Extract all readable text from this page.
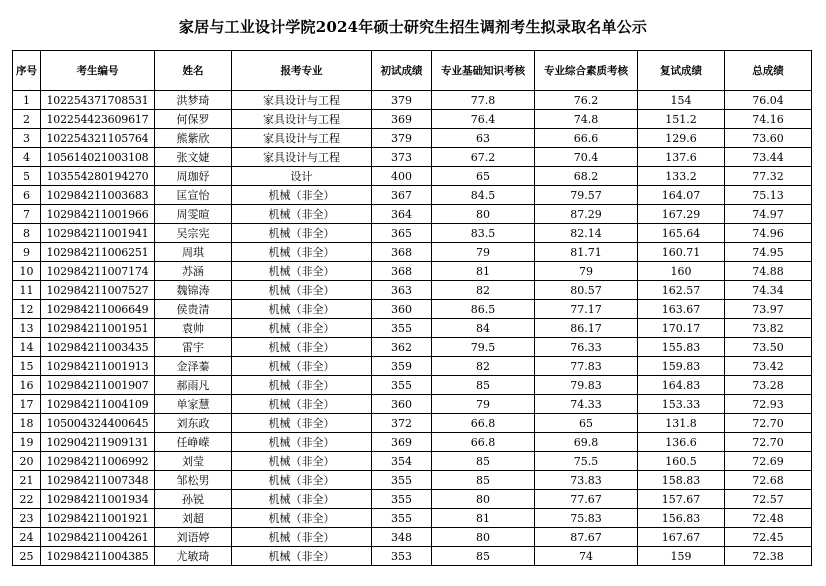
家居与工业设计学院2024年硕士研究生招生调剂考生拟录取名单公示
序号	考生编号	姓名	报考专业	初试成绩	专业基础知识考核	专业综合素质考核	复试成绩	总成绩
1	102254371708531	洪梦琦	家具设计与工程	379	77.8	76.2	154	76.04
2	102254423609617	何保罗	家具设计与工程	369	76.4	74.8	151.2	74.16
3	102254321105764	熊紫欣	家具设计与工程	379	63	66.6	129.6	73.60
4	105614021003108	张文婕	家具设计与工程	373	67.2	70.4	137.6	73.44
5	103554280194270	周珈妤	设计	400	65	68.2	133.2	77.32
6	102984211003683	匡宣怡	机械（非全）	367	84.5	79.57	164.07	75.13
7	102984211001966	周雯暄	机械（非全）	364	80	87.29	167.29	74.97
8	102984211001941	吴宗宪	机械（非全）	365	83.5	82.14	165.64	74.96
9	102984211006251	周琪	机械（非全）	368	79	81.71	160.71	74.95
10	102984211007174	苏涵	机械（非全）	368	81	79	160	74.88
11	102984211007527	魏锦涛	机械（非全）	363	82	80.57	162.57	74.34
12	102984211006649	侯贵清	机械（非全）	360	86.5	77.17	163.67	73.97
13	102984211001951	袁帅	机械（非全）	355	84	86.17	170.17	73.82
14	102984211003435	雷宇	机械（非全）	362	79.5	76.33	155.83	73.50
15	102984211001913	金泽蓁	机械（非全）	359	82	77.83	159.83	73.42
16	102984211001907	郝雨凡	机械（非全）	355	85	79.83	164.83	73.28
17	102984211004109	单家慧	机械（非全）	360	79	74.33	153.33	72.93
18	105004324400645	刘东政	机械（非全）	372	66.8	65	131.8	72.70
19	102904211909131	任峥嵘	机械（非全）	369	66.8	69.8	136.6	72.70
20	102984211006992	刘莹	机械（非全）	354	85	75.5	160.5	72.69
21	102984211007348	邹松男	机械（非全）	355	85	73.83	158.83	72.68
22	102984211001934	孙锐	机械（非全）	355	80	77.67	157.67	72.57
23	102984211001921	刘超	机械（非全）	355	81	75.83	156.83	72.48
24	102984211004261	刘语婷	机械（非全）	348	80	87.67	167.67	72.45
25	102984211004385	尤敏琦	机械（非全）	353	85	74	159	72.38
